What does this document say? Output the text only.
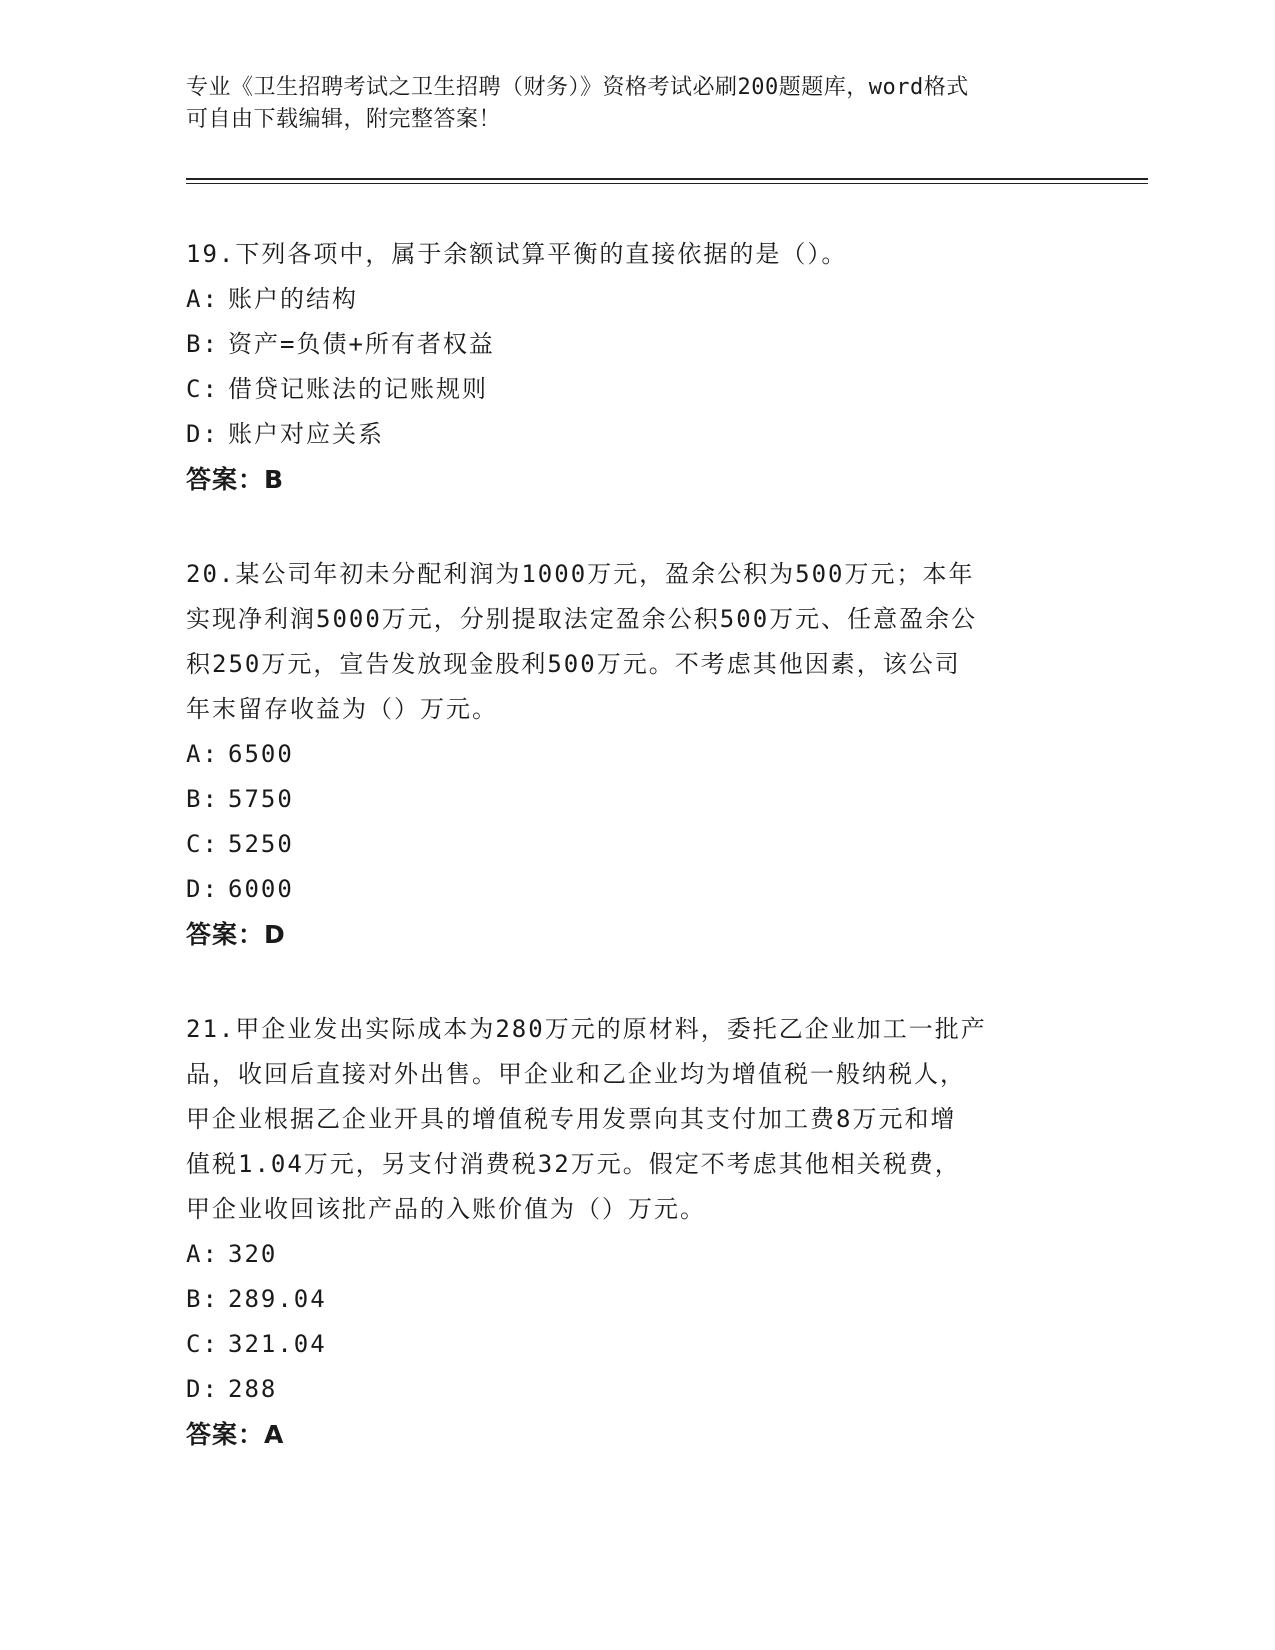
专业《卫生招聘考试之卫生招聘（财务）》资格考试必刷200题题库，word格式
可自由下载编辑，附完整答案！

19.下列各项中，属于余额试算平衡的直接依据的是（）。

A: 账户的结构

B: 资产=负债+所有者权益

C: 借贷记账法的记账规则

D: 账户对应关系

答案：B

20.某公司年初未分配利润为1000万元，盈余公积为500万元；本年

实现净利润5000万元，分别提取法定盈余公积500万元、任意盈余公

积250万元，宣告发放现金股利500万元。不考虑其他因素，该公司

年末留存收益为（）万元。

A: 6500

B: 5750

C: 5250

D: 6000

答案：D

21.甲企业发出实际成本为280万元的原材料，委托乙企业加工一批产

品，收回后直接对外出售。甲企业和乙企业均为增值税一般纳税人，

甲企业根据乙企业开具的增值税专用发票向其支付加工费8万元和增

值税1.04万元，另支付消费税32万元。假定不考虑其他相关税费，

甲企业收回该批产品的入账价值为（）万元。

A: 320

B: 289.04

C: 321.04

D: 288

答案：A
